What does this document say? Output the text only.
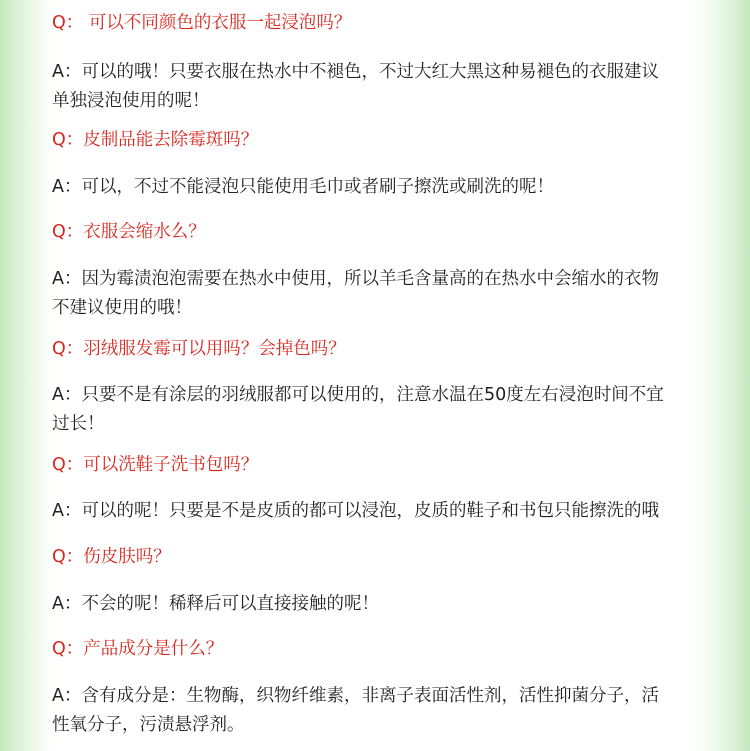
Q： 可以不同颜色的衣服一起浸泡吗？
A：可以的哦！只要衣服在热水中不褪色，不过大红大黑这种易褪色的衣服建议
单独浸泡使用的呢！
Q：皮制品能去除霉斑吗？
A：可以，不过不能浸泡只能使用毛巾或者刷子擦洗或刷洗的呢！
Q：衣服会缩水么？
A：因为霉渍泡泡需要在热水中使用，所以羊毛含量高的在热水中会缩水的衣物
不建议使用的哦！
Q：羽绒服发霉可以用吗？会掉色吗？
A：只要不是有涂层的羽绒服都可以使用的，注意水温在50度左右浸泡时间不宜
过长！
Q：可以洗鞋子洗书包吗？
A：可以的呢！只要是不是皮质的都可以浸泡，皮质的鞋子和书包只能擦洗的哦
Q：伤皮肤吗？
A：不会的呢！稀释后可以直接接触的呢！
Q：产品成分是什么？
A：含有成分是：生物酶，织物纤维素，非离子表面活性剂，活性抑菌分子，活
性氧分子，污渍悬浮剂。
